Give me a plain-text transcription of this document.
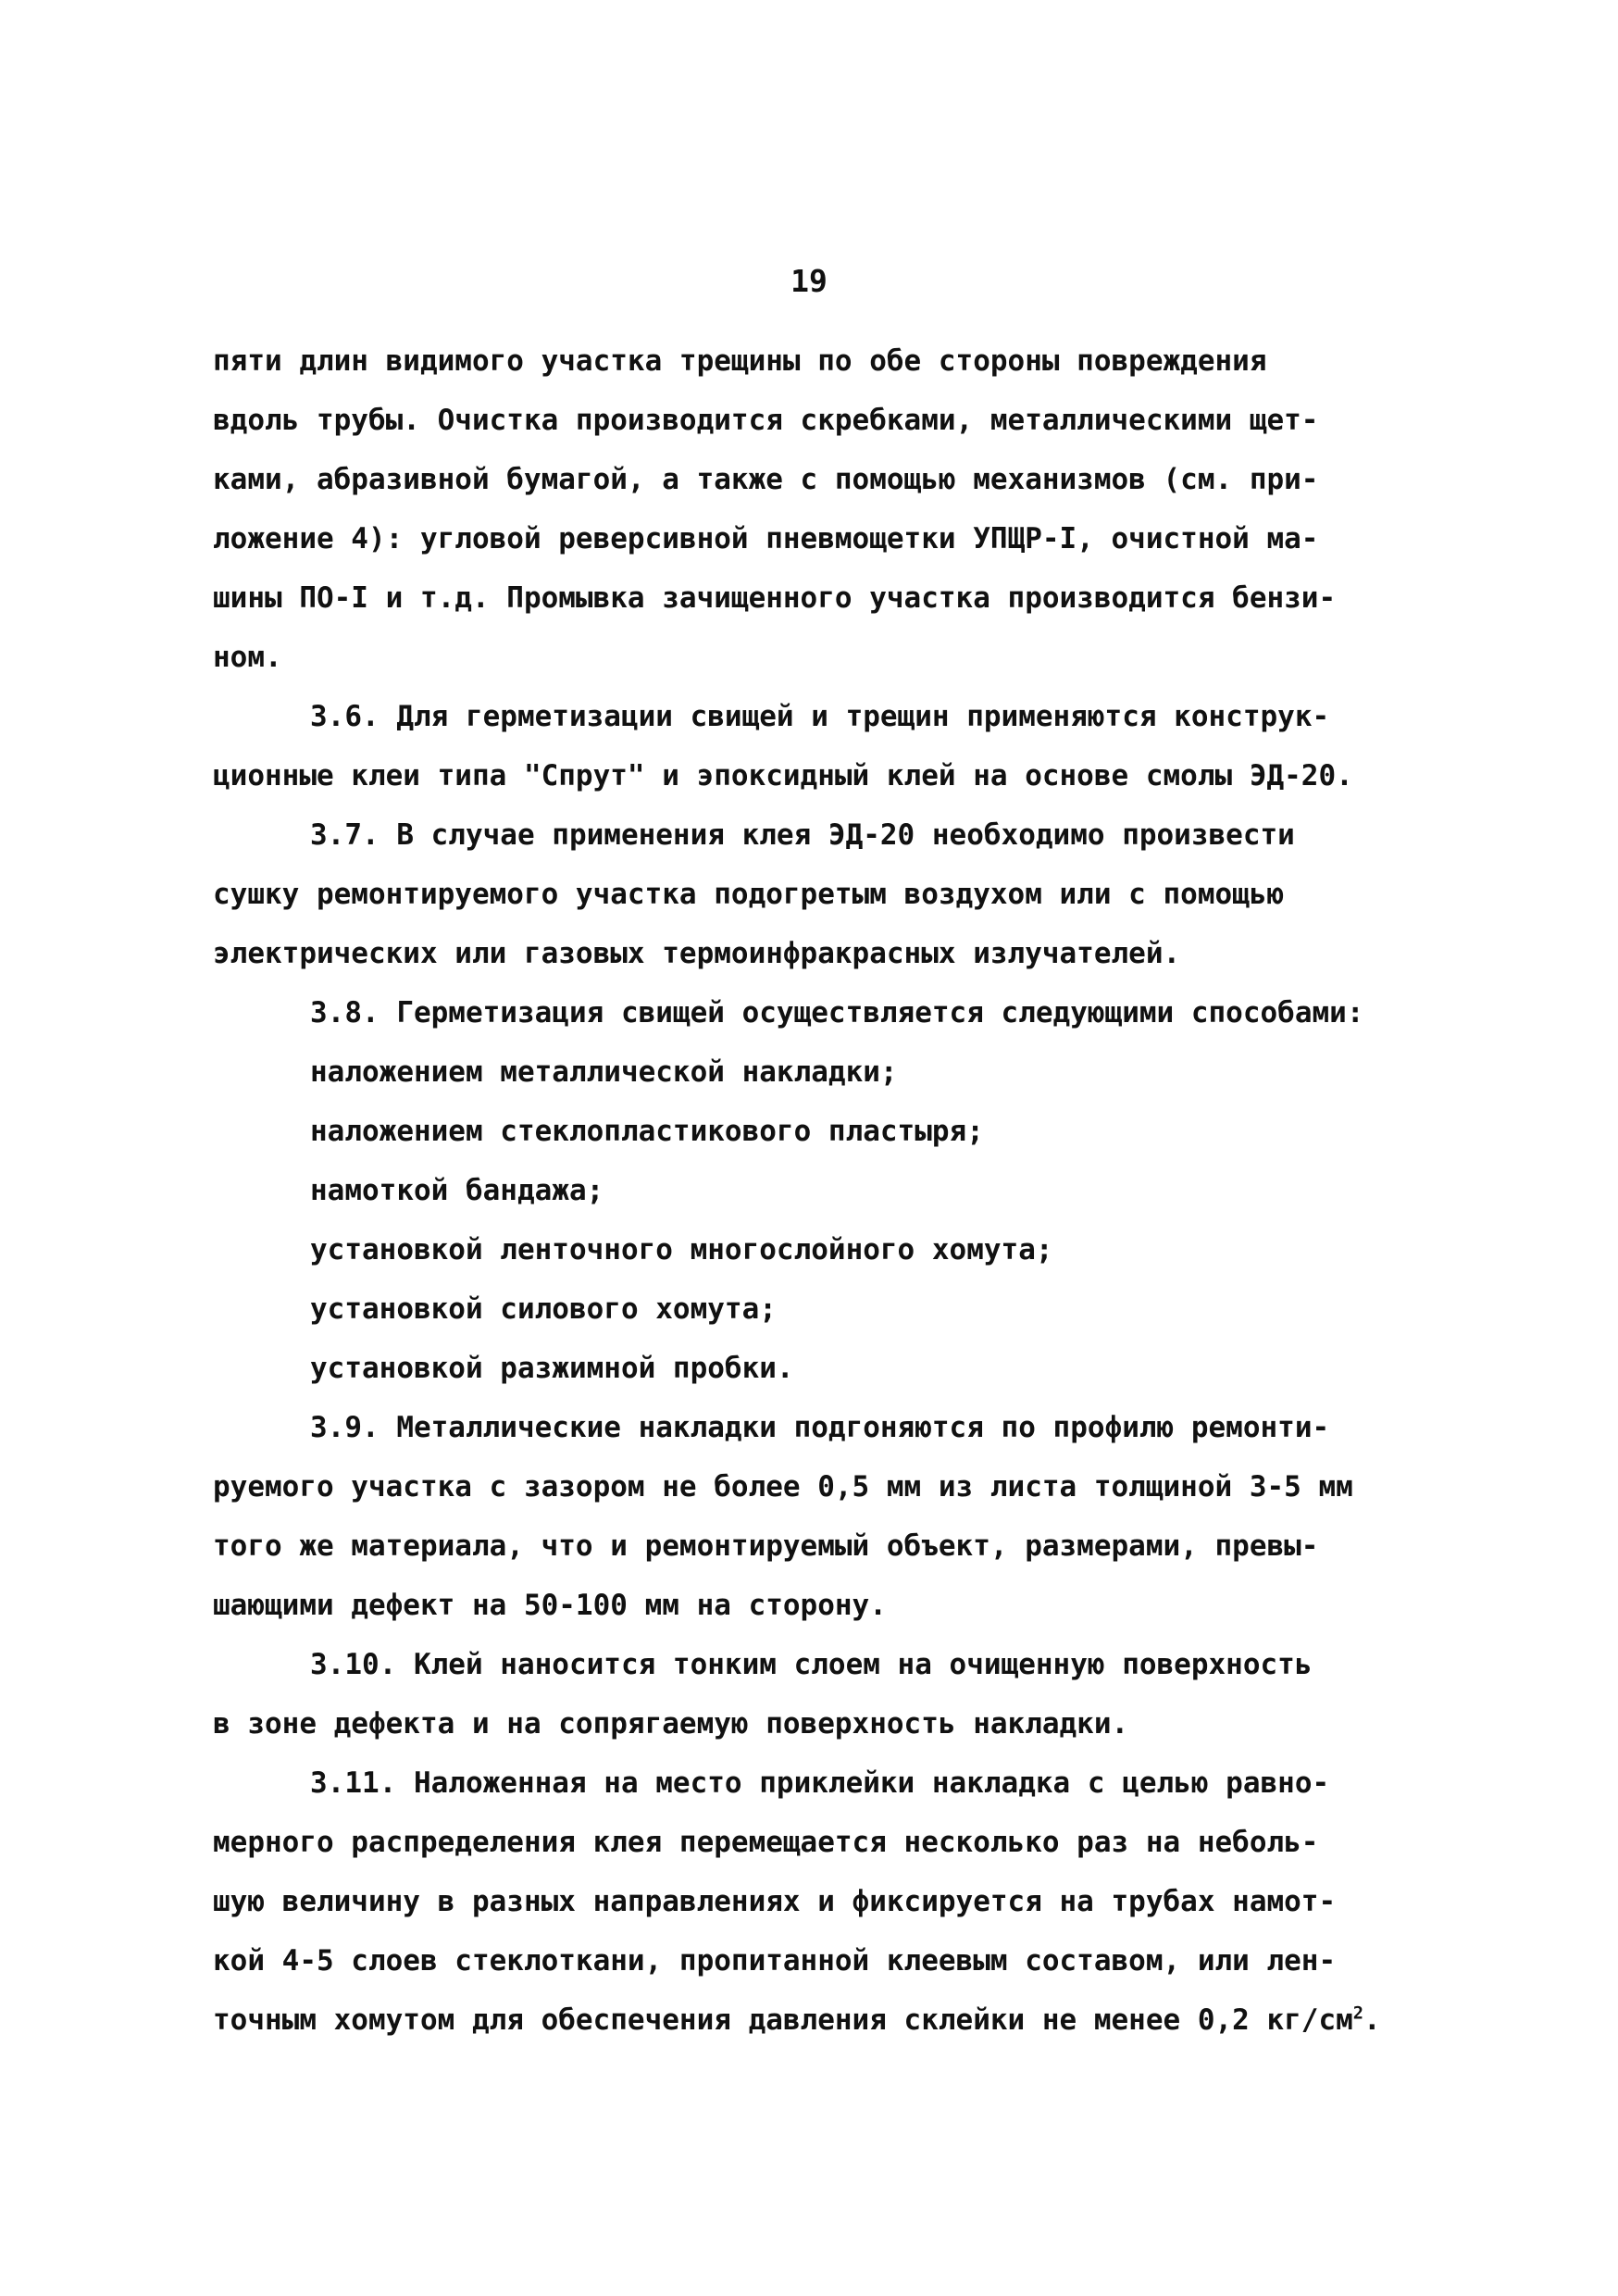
19
пяти длин видимого участка трещины по обе стороны повреждения
вдоль трубы. Очистка производится скребками, металлическими щет-
ками, абразивной бумагой, а также с помощью механизмов (см. при-
ложение 4): угловой реверсивной пневмощетки УПЩР-I, очистной ма-
шины ПО-I и т.д. Промывка зачищенного участка производится бензи-
ном.
3.6. Для герметизации свищей и трещин применяются конструк-
ционные клеи типа "Спрут" и эпоксидный клей на основе смолы ЭД-20.
3.7. В случае применения клея ЭД-20 необходимо произвести
сушку ремонтируемого участка подогретым воздухом или с помощью
электрических или газовых термоинфракрасных излучателей.
3.8. Герметизация свищей осуществляется следующими способами:
наложением металлической накладки;
наложением стеклопластикового пластыря;
намоткой бандажа;
установкой ленточного многослойного хомута;
установкой силового хомута;
установкой разжимной пробки.
3.9. Металлические накладки подгоняются по профилю ремонти-
руемого участка с зазором не более 0,5 мм из листа толщиной 3-5 мм
того же материала, что и ремонтируемый объект, размерами, превы-
шающими дефект на 50-100 мм на сторону.
3.10. Клей наносится тонким слоем на очищенную поверхность
в зоне дефекта и на сопрягаемую поверхность накладки.
3.11. Наложенная на место приклейки накладка с целью равно-
мерного распределения клея перемещается несколько раз на неболь-
шую величину в разных направлениях и фиксируется на трубах намот-
кой 4-5 слоев стеклоткани, пропитанной клеевым составом, или лен-
точным хомутом для обеспечения давления склейки не менее 0,2 $кг/см^2$.
